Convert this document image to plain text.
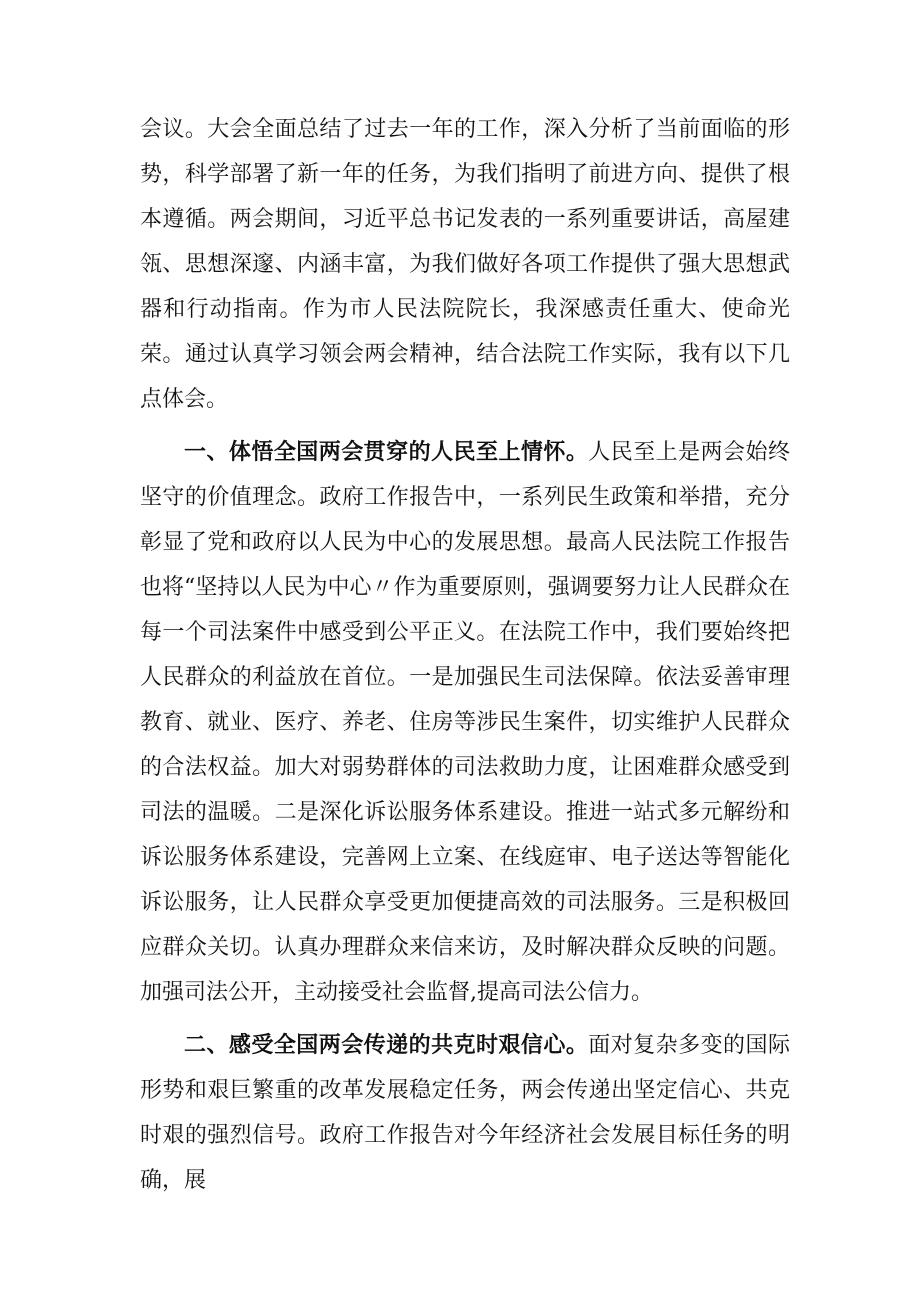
会议。大会全面总结了过去一年的工作，深入分析了当前面临的形势，科学部署了新一年的任务，为我们指明了前进方向、提供了根本遵循。两会期间，习近平总书记发表的一系列重要讲话，高屋建瓴、思想深邃、内涵丰富，为我们做好各项工作提供了强大思想武器和行动指南。作为市人民法院院长，我深感责任重大、使命光荣。通过认真学习领会两会精神，结合法院工作实际，我有以下几点体会。

一、体悟全国两会贯穿的人民至上情怀。人民至上是两会始终坚守的价值理念。政府工作报告中，一系列民生政策和举措，充分彰显了党和政府以人民为中心的发展思想。最高人民法院工作报告也将“坚持以人民为中心〃作为重要原则，强调要努力让人民群众在每一个司法案件中感受到公平正义。在法院工作中，我们要始终把人民群众的利益放在首位。一是加强民生司法保障。依法妥善审理教育、就业、医疗、养老、住房等涉民生案件，切实维护人民群众的合法权益。加大对弱势群体的司法救助力度，让困难群众感受到司法的温暖。二是深化诉讼服务体系建设。推进一站式多元解纷和诉讼服务体系建设，完善网上立案、在线庭审、电子送达等智能化诉讼服务，让人民群众享受更加便捷高效的司法服务。三是积极回应群众关切。认真办理群众来信来访，及时解决群众反映的问题。加强司法公开，主动接受社会监督,提高司法公信力。

二、感受全国两会传递的共克时艰信心。面对复杂多变的国际形势和艰巨繁重的改革发展稳定任务，两会传递出坚定信心、共克时艰的强烈信号。政府工作报告对今年经济社会发展目标任务的明确，展
